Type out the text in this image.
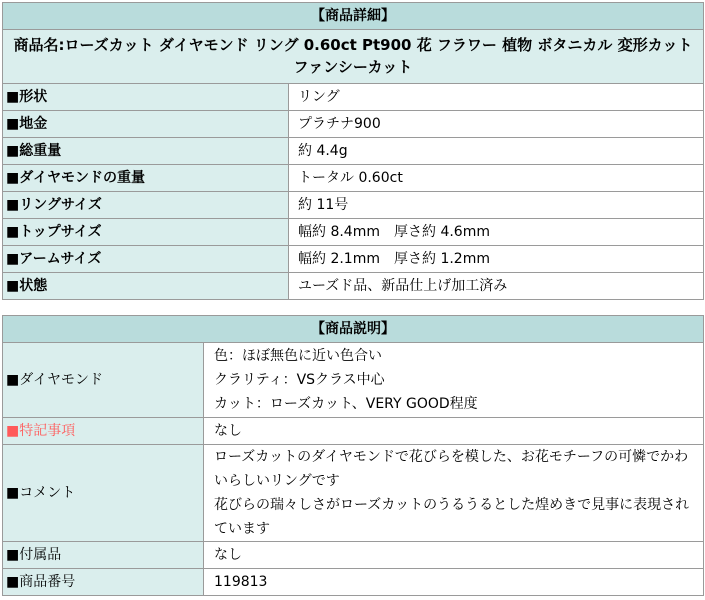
【商品詳細】	
商品名:ローズカット ダイヤモンド リング 0.60ct Pt900 花 フラワー 植物 ボタニカル 変形カット ファンシーカット	
■形状	リング
■地金	プラチナ900
■総重量	約 4.4g
■ダイヤモンドの重量	トータル 0.60ct
■リングサイズ	約 11号
■トップサイズ	幅約 8.4mm　厚さ約 4.6mm
■アームサイズ	幅約 2.1mm　厚さ約 1.2mm
■状態	ユーズド品、新品仕上げ加工済み
【商品説明】	
■ダイヤモンド	色：ほぼ無色に近い色合い
クラリティ：VSクラス中心
カット：ローズカット、VERY GOOD程度

■特記事項	なし
■コメント	ローズカットのダイヤモンドで花びらを模した、お花モチーフの可憐でかわ
いらしいリングです
花びらの瑞々しさがローズカットのうるうるとした煌めきで見事に表現され
ています

■付属品	なし
■商品番号	119813
